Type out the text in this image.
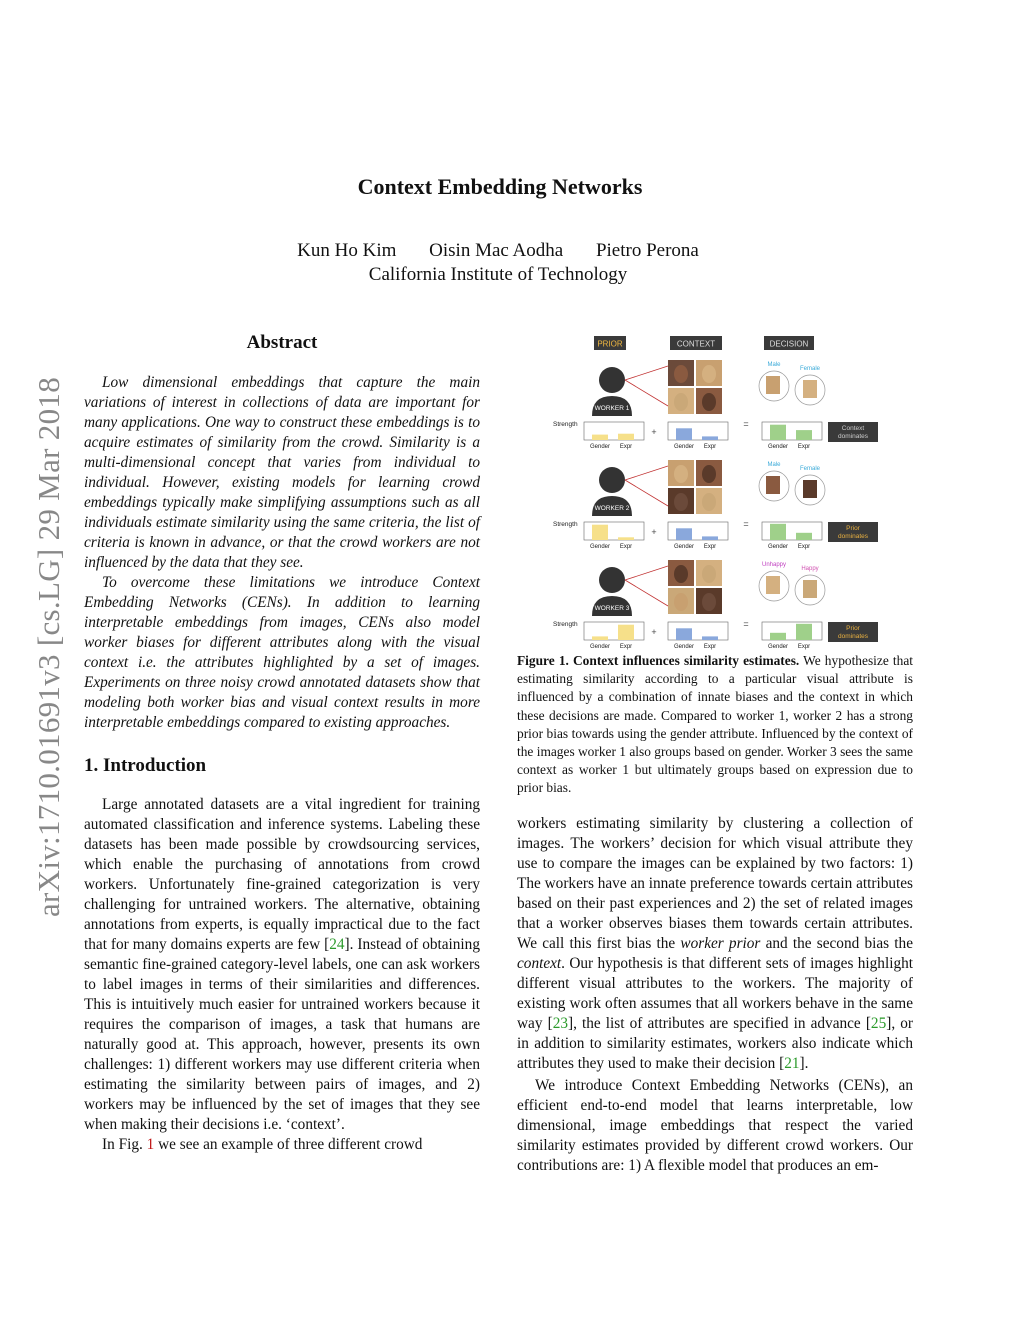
arXiv:1710.01691v3 [cs.LG] 29 Mar 2018
Context Embedding Networks
Kun Ho Kim Oisin Mac Aodha Pietro Perona
California Institute of Technology
Abstract

Low dimensional embeddings that capture the main variations of interest in collections of data are important for many applications. One way to construct these embeddings is to acquire estimates of similarity from the crowd. Similarity is a multi-dimensional concept that varies from individual to individual. However, existing models for learning crowd embeddings typically make simplifying assumptions such as all individuals estimate similarity using the same criteria, the list of criteria is known in advance, or that the crowd workers are not influenced by the data that they see.

To overcome these limitations we introduce Context Embedding Networks (CENs). In addition to learning interpretable embeddings from images, CENs also model worker biases for different attributes along with the visual context i.e. the attributes highlighted by a set of images. Experiments on three noisy crowd annotated datasets show that modeling both worker bias and visual context results in more interpretable embeddings compared to existing approaches.

1. Introduction

Large annotated datasets are a vital ingredient for training automated classification and inference systems. Labeling these datasets has been made possible by crowdsourcing services, which enable the purchasing of annotations from crowd workers. Unfortunately fine-grained categorization is very challenging for untrained workers. The alternative, obtaining annotations from experts, is equally impractical due to the fact that for many domains experts are few [24]. Instead of obtaining semantic fine-grained category-level labels, one can ask workers to label images in terms of their similarities and differences. This is intuitively much easier for untrained workers because it requires the comparison of images, a task that humans are naturally good at. This approach, however, presents its own challenges: 1) different workers may use different criteria when estimating the similarity between pairs of images, and 2) workers may be influenced by the set of images that they see when making their decisions i.e. ‘context’.

In Fig. 1 we see an example of three different crowd

PRIOR	CONTEXT	DECISION
WORKER 1
Male
Female
Strength
Gender Expr	Gender Expr	Gender Expr
+
=	Context
dominates
WORKER 2
Male
Female
Strength
Gender Expr	Gender Expr	Gender Expr
+
=	Prior
dominates
WORKER 3
Unhappy
Happy
Strength
Gender Expr	Gender Expr	Gender Expr
+
=	Prior
dominates
Figure 1. Context influences similarity estimates. We hypothesize that estimating similarity according to a particular visual attribute is influenced by a combination of innate biases and the context in which these decisions are made. Compared to worker 1, worker 2 has a strong prior bias towards using the gender attribute. Influenced by the context of the images worker 1 also groups based on gender. Worker 3 sees the same context as worker 1 but ultimately groups based on expression due to prior bias.

workers estimating similarity by clustering a collection of images. The workers’ decision for which visual attribute they use to compare the images can be explained by two factors: 1) The workers have an innate preference towards certain attributes based on their past experiences and 2) the set of related images that a worker observes biases them towards certain attributes. We call this first bias the worker prior and the second bias the context. Our hypothesis is that different sets of images highlight different visual attributes to the workers. The majority of existing work often assumes that all workers behave in the same way [23], the list of attributes are specified in advance [25], or in addition to similarity estimates, workers also indicate which attributes they used to make their decision [21].

We introduce Context Embedding Networks (CENs), an efficient end-to-end model that learns interpretable, low dimensional, image embeddings that respect the varied similarity estimates provided by different crowd workers. Our contributions are: 1) A flexible model that produces an em-
